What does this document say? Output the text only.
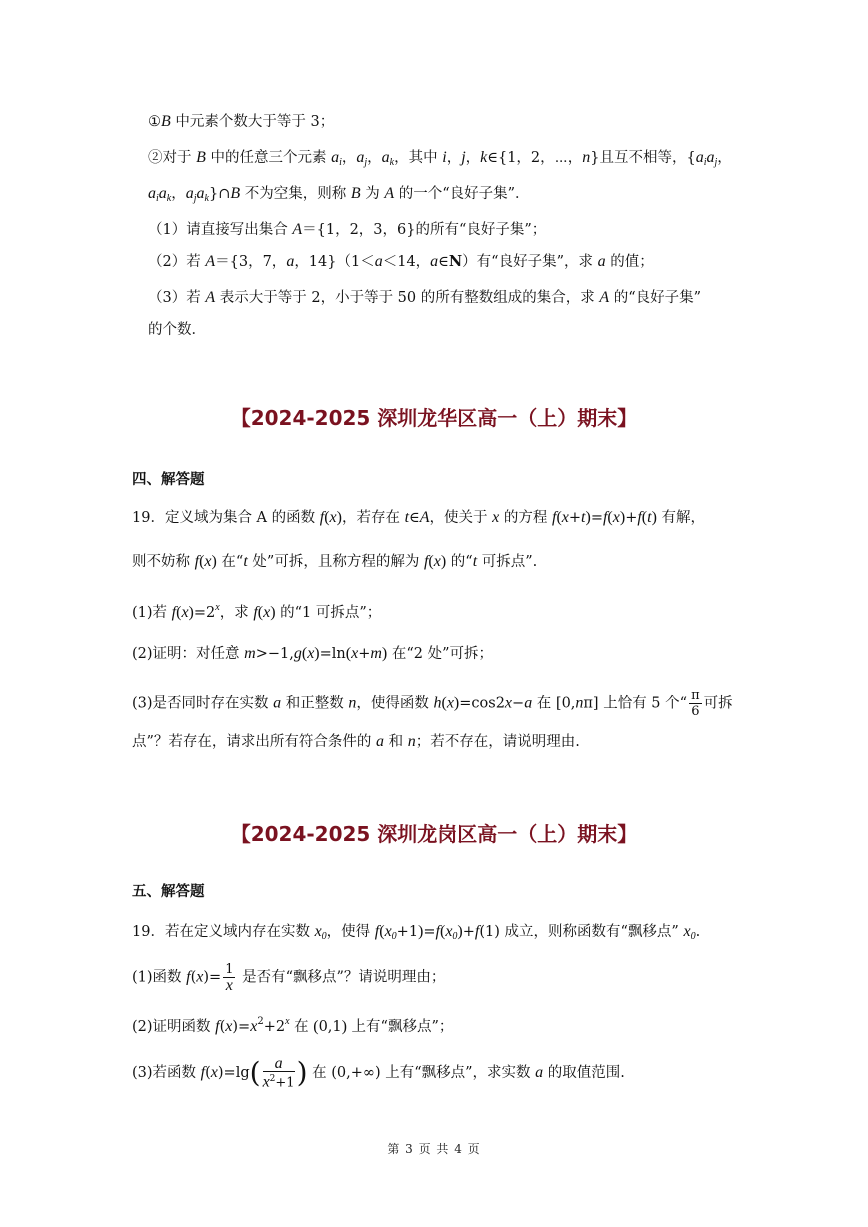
①B 中元素个数大于等于 3；
②对于 B 中的任意三个元素 $a_i$，$a_j$，$a_k$，其中 i，j，k∈{1，2，⋯，n}且互不相等，{$a_ia_j$，
$a_ia_k$，$a_ja_k\}\cap B$ 不为空集，则称 B 为 A 的一个“良好子集”．
（1）请直接写出集合 A＝{1，2，3，6}的所有“良好子集”；
（2）若 A＝{3，7，a，14}（1＜a＜14，a∈N）有“良好子集”，求 a 的值；
（3）若 A 表示大于等于 2，小于等于 50 的所有整数组成的集合，求 A 的“良好子集”
的个数．
【2024-2025 深圳龙华区高一（上）期末】
四、解答题
19．定义域为集合 A 的函数 f(x)，若存在 t∈A，使关于 x 的方程 f(x+t)=f(x)+f(t) 有解，
则不妨称 f(x) 在“t 处”可拆，且称方程的解为 f(x) 的“t 可拆点”.
(1)若 $f(x)=2^x$，求 f(x) 的“1 可拆点”；
(2)证明：对任意 m>−1,g(x)=ln(x+m) 在“2 处”可拆；
(3)是否同时存在实数 a 和正整数 n，使得函数 h(x)=cos2x−a 在 [0,nπ] 上恰有 5 个“ $\frac{\pi}{6}$ 可拆
点”？若存在，请求出所有符合条件的 a 和 n；若不存在，请说明理由.
【2024-2025 深圳龙岗区高一（上）期末】
五、解答题
19．若在定义域内存在实数 $x_0$，使得 $f(x_0+1)=f(x_0)+f(1)$ 成立，则称函数有“飘移点” $x_0$.
(1)函数 $f(x)= \frac{1}{x}$ 是否有“飘移点”？请说明理由；
(2)证明函数 $f(x)=x^2+2^x$ 在 (0,1) 上有“飘移点”；
(3)若函数 $f(x)=\lg( \frac{a}{x^2+1}$ ) 在 (0,+∞) 上有“飘移点”，求实数 a 的取值范围.
第 3 页 共 4 页
